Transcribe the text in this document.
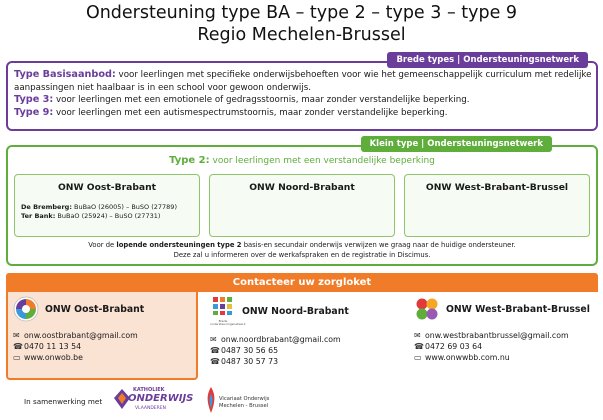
Ondersteuning type BA – type 2 – type 3 – type 9
Regio Mechelen-Brussel
Brede types | Ondersteuningsnetwerk

Type Basisaanbod: voor leerlingen met specifieke onderwijsbehoeften voor wie het gemeenschappelijk curriculum met redelijke aanpassingen niet haalbaar is in een school voor gewoon onderwijs.

Type 3: voor leerlingen met een emotionele of gedragsstoornis, maar zonder verstandelijke beperking.

Type 9: voor leerlingen met een autismespectrumstoornis, maar zonder verstandelijke beperking.

Klein type | Ondersteuningsnetwerk
Type 2: voor leerlingen met een verstandelijke beperking
ONW Oost-Brabant
De Bremberg: BuBaO (26005) – BuSO (27789)
Ter Bank: BuBaO (25924) – BuSO (27731)
ONW Noord-Brabant	ONW West-Brabant-Brussel
Voor de lopende ondersteuningen type 2 basis-en secundair onderwijs verwijzen we graag naar de huidige ondersteuner.
Deze zal u informeren over de werkafspraken en de registratie in Discimus.
Contacteer uw zorgloket
ONW Oost-Brabant
✉ onw.oostbrabant@gmail.com
☎ 0470 11 13 54
▭ www.onwob.be
Brede ondersteuningsnetwerk
ONW Noord-Brabant
✉ onw.noordbrabant@gmail.com
☎ 0487 30 56 65
☎ 0487 30 57 73
ONW West-Brabant-Brussel
✉ onw.westbrabantbrussel@gmail.com
☎ 0472 69 03 64
▭ www.onwwbb.com.nu
In samenwerking met
KATHOLIEK
ONDERWIJS
VLAANDEREN
Vicariaat Onderwijs
Mechelen - Brussel
